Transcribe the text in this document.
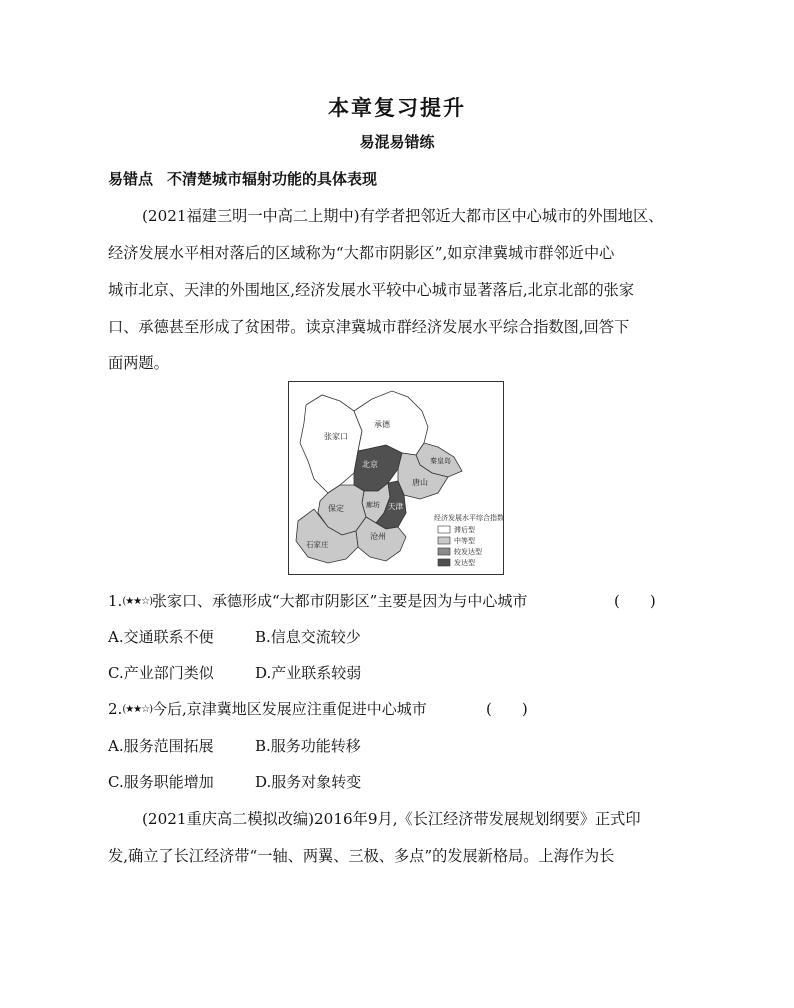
本章复习提升
易混易错练
易错点 不清楚城市辐射功能的具体表现
(2021福建三明一中高二上期中)有学者把邻近大都市区中心城市的外围地区、
经济发展水平相对落后的区域称为“大都市阴影区”,如京津冀城市群邻近中心
城市北京、天津的外围地区,经济发展水平较中心城市显著落后,北京北部的张家
口、承德甚至形成了贫困带。读京津冀城市群经济发展水平综合指数图,回答下
面两题。
张家口
承德
北京
廊坊 天津
唐山
秦皇岛
保定
沧州
石家庄
经济发展水平综合指数
滞后型
中等型
较发达型
发达型
1.(★★☆)张家口、承德形成“大都市阴影区”主要是因为与中心城市	(　　)
A.交通联系不便	B.信息交流较少
C.产业部门类似	D.产业联系较弱
2.(★★☆)今后,京津冀地区发展应注重促进中心城市	(　　)
A.服务范围拓展	B.服务功能转移
C.服务职能增加	D.服务对象转变
(2021重庆高二模拟改编)2016年9月,《长江经济带发展规划纲要》正式印
发,确立了长江经济带“一轴、两翼、三极、多点”的发展新格局。上海作为长
